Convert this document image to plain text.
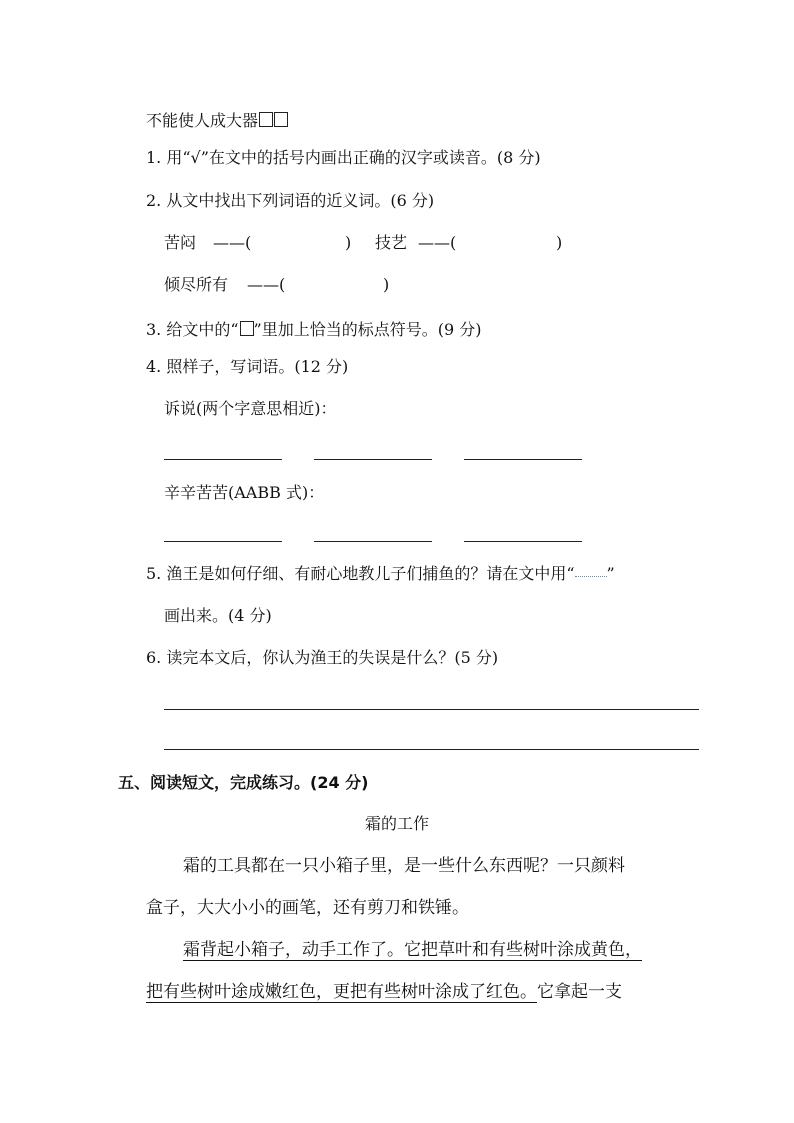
不能使人成大器
1. 用“√”在文中的括号内画出正确的汉字或读音。(8 分)
2. 从文中找出下列词语的近义词。(6 分)
苦闷 ——(	) 技艺 ——(	)
倾尽所有 ——(	)
3. 给文中的“ ”里加上恰当的标点符号。(9 分)
4. 照样子，写词语。(12 分)
诉说(两个字意思相近)：
辛辛苦苦(AABB 式)：
5. 渔王是如何仔细、有耐心地教儿子们捕鱼的？请在文中用“ ”
画出来。(4 分)
6. 读完本文后，你认为渔王的失误是什么？(5 分)
五、阅读短文，完成练习。(24 分)
霜的工作
霜的工具都在一只小箱子里，是一些什么东西呢？一只颜料
盒子，大大小小的画笔，还有剪刀和铁锤。
霜背起小箱子，动手工作了。它把草叶和有些树叶涂成黄色，
把有些树叶途成嫩红色，更把有些树叶涂成了红色。它拿起一支
